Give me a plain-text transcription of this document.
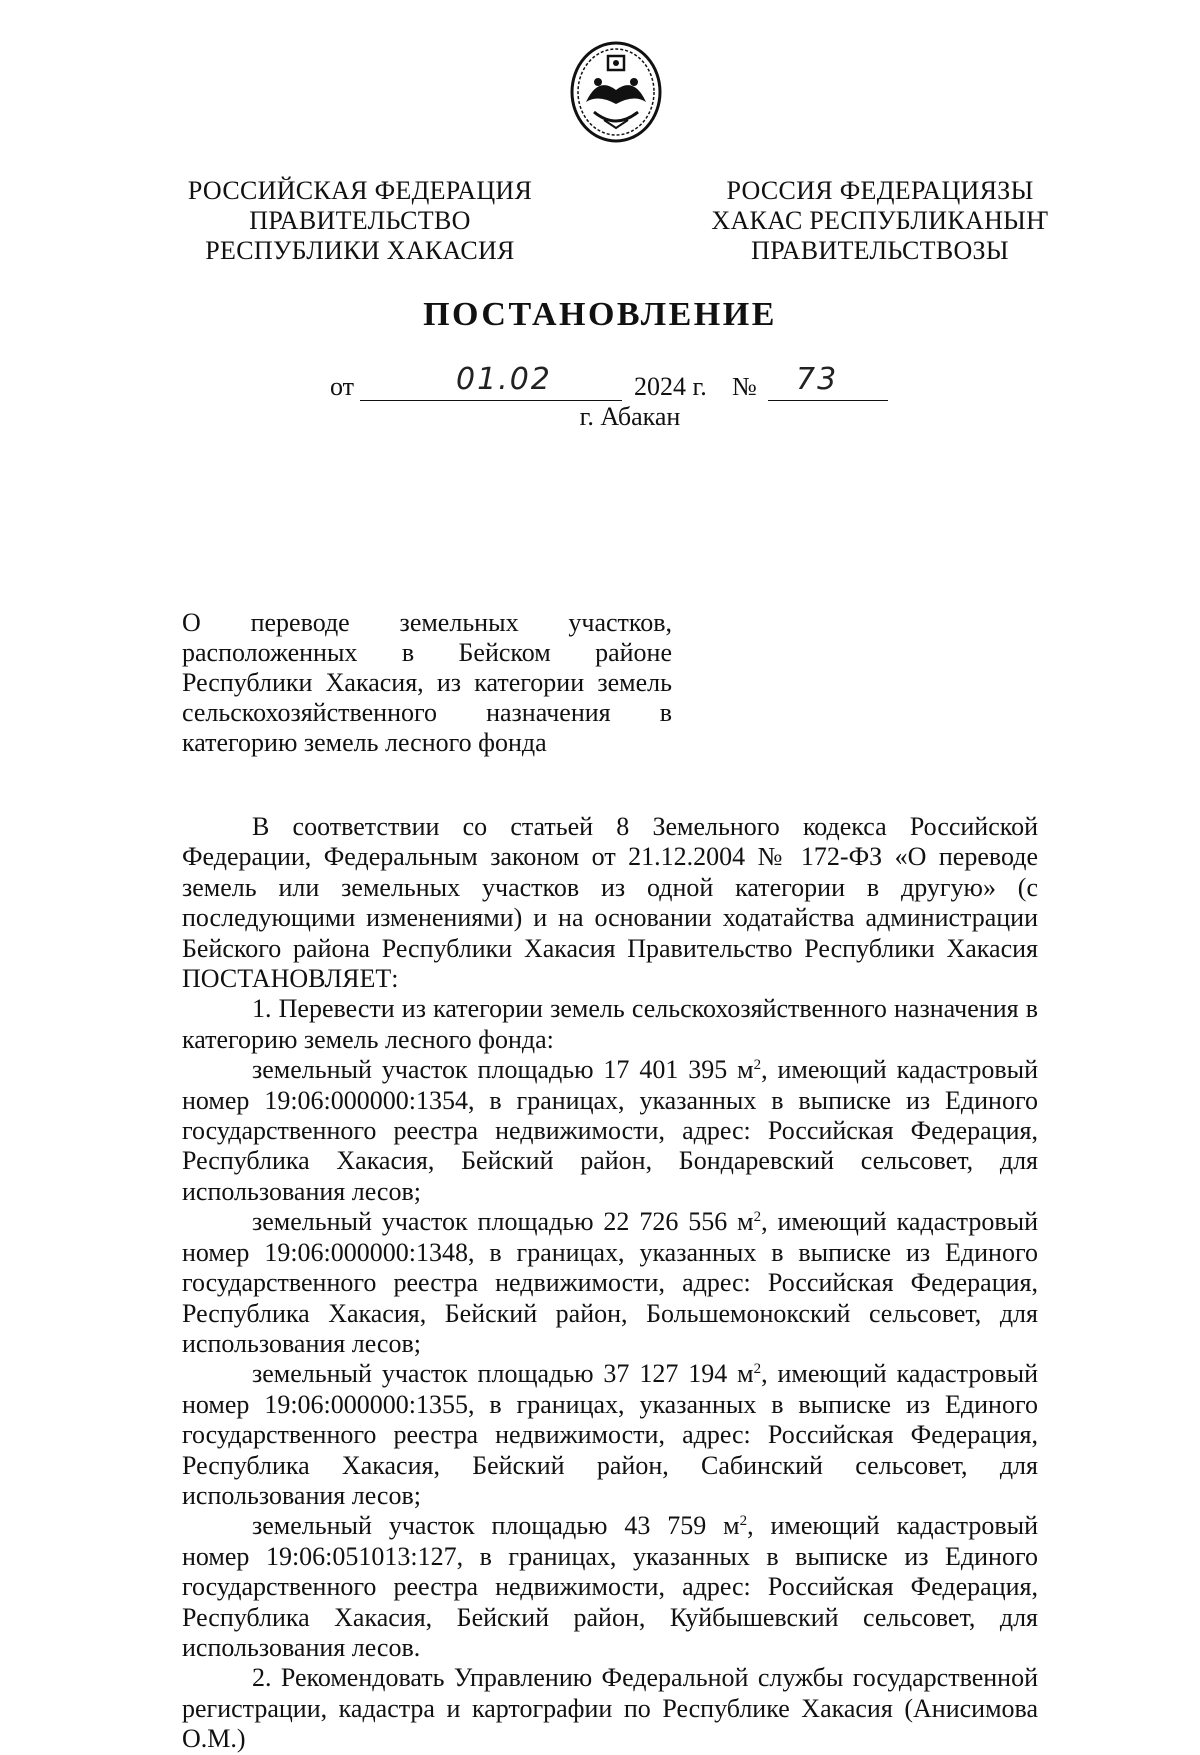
РОССИЙСКАЯ ФЕДЕРАЦИЯ
ПРАВИТЕЛЬСТВО
РЕСПУБЛИКИ ХАКАСИЯ
РОССИЯ ФЕДЕРАЦИЯЗЫ
ХАКАС РЕСПУБЛИКАНЫҤ
ПРАВИТЕЛЬСТВОЗЫ
ПОСТАНОВЛЕНИЕ
от	01.02	2024 г. № 73
г. Абакан
О переводе земельных участков,
расположенных в Бейском районе
Республики Хакасия, из категории земель
сельскохозяйственного назначения в
категорию земель лесного фонда

В соответствии со статьей 8 Земельного кодекса Российской Федерации, Федеральным законом от 21.12.2004 № 172-ФЗ «О переводе земель или земельных участков из одной категории в другую» (с последующими изменениями) и на основании ходатайства администрации Бейского района Республики Хакасия Правительство Республики Хакасия ПОСТАНОВЛЯЕТ:

1. Перевести из категории земель сельскохозяйственного назначения в категорию земель лесного фонда:

земельный участок площадью 17 401 395 $м^2$, имеющий кадастровый номер 19:06:000000:1354, в границах, указанных в выписке из Единого государственного реестра недвижимости, адрес: Российская Федерация, Республика Хакасия, Бейский район, Бондаревский сельсовет, для использования лесов;

земельный участок площадью 22 726 556 $м^2$, имеющий кадастровый номер 19:06:000000:1348, в границах, указанных в выписке из Единого государственного реестра недвижимости, адрес: Российская Федерация, Республика Хакасия, Бейский район, Большемонокский сельсовет, для использования лесов;

земельный участок площадью 37 127 194 $м^2$, имеющий кадастровый номер 19:06:000000:1355, в границах, указанных в выписке из Единого государственного реестра недвижимости, адрес: Российская Федерация, Республика Хакасия, Бейский район, Сабинский сельсовет, для использования лесов;

земельный участок площадью 43 759 $м^2$, имеющий кадастровый номер 19:06:051013:127, в границах, указанных в выписке из Единого государственного реестра недвижимости, адрес: Российская Федерация, Республика Хакасия, Бейский район, Куйбышевский сельсовет, для использования лесов.

2. Рекомендовать Управлению Федеральной службы государственной регистрации, кадастра и картографии по Республике Хакасия (Анисимова О.М.)
